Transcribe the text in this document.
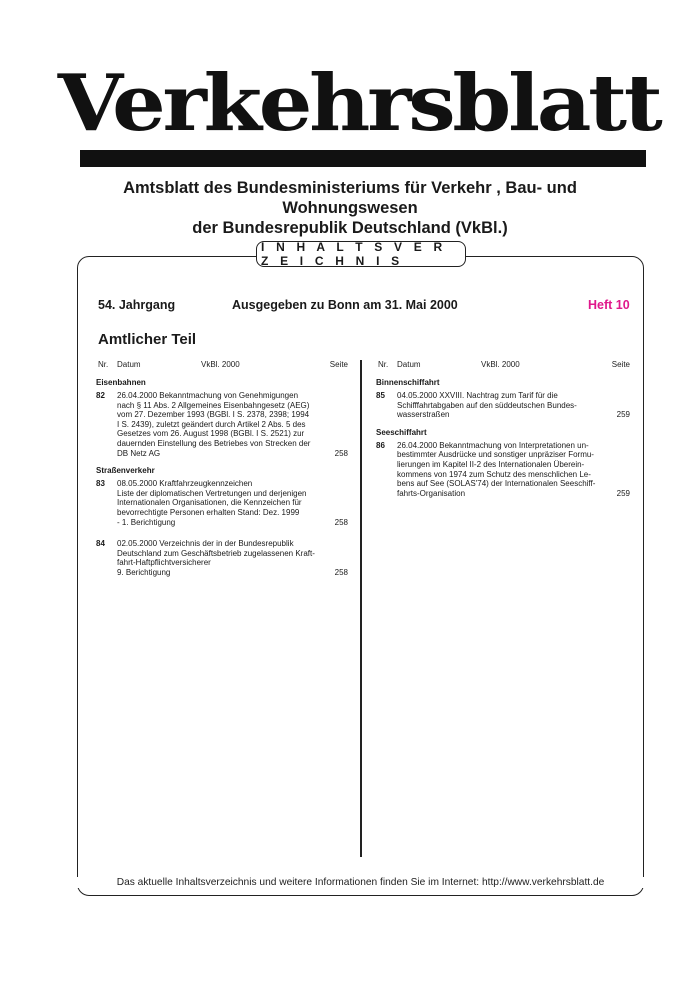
Verkehrsblatt
Amtsblatt des Bundesministeriums für Verkehr , Bau- und Wohnungswesen
der Bundesrepublik Deutschland (VkBl.)
I N H A L T S V E R Z E I C H N I S
54. Jahrgang	Ausgegeben zu Bonn am 31. Mai 2000	Heft 10
Amtlicher Teil
Nr. Datum	VkBl. 2000	Seite
Eisenbahnen
82 26.04.2000 Bekanntmachung von Genehmigungen
nach § 11 Abs. 2 Allgemeines Eisenbahngesetz (AEG)
vom 27. Dezember 1993 (BGBl. I S. 2378, 2398; 1994
I S. 2439), zuletzt geändert durch Artikel 2 Abs. 5 des
Gesetzes vom 26. August 1998 (BGBl. I S. 2521) zur
dauernden Einstellung des Betriebes von Strecken der
DB Netz AG	258
Straßenverkehr
83 08.05.2000 Kraftfahrzeugkennzeichen
Liste der diplomatischen Vertretungen und derjenigen
Internationalen Organisationen, die Kennzeichen für
bevorrechtigte Personen erhalten Stand: Dez. 1999
- 1. Berichtigung	258
84 02.05.2000 Verzeichnis der in der Bundesrepublik
Deutschland zum Geschäftsbetrieb zugelassenen Kraft-
fahrt-Haftpflichtversicherer
9. Berichtigung	258
Nr. Datum	VkBl. 2000	Seite
Binnenschiffahrt
85 04.05.2000 XXVIII. Nachtrag zum Tarif für die
Schifffahrtabgaben auf den süddeutschen Bundes-
wasserstraßen	259
Seeschiffahrt
86 26.04.2000 Bekanntmachung von Interpretationen un-
bestimmter Ausdrücke und sonstiger unpräziser Formu-
lierungen im Kapitel II-2 des Internationalen Überein-
kommens von 1974 zum Schutz des menschlichen Le-
bens auf See (SOLAS'74) der Internationalen Seeschiff-
fahrts-Organisation	259
Das aktuelle Inhaltsverzeichnis und weitere Informationen finden Sie im Internet: http://www.verkehrsblatt.de
